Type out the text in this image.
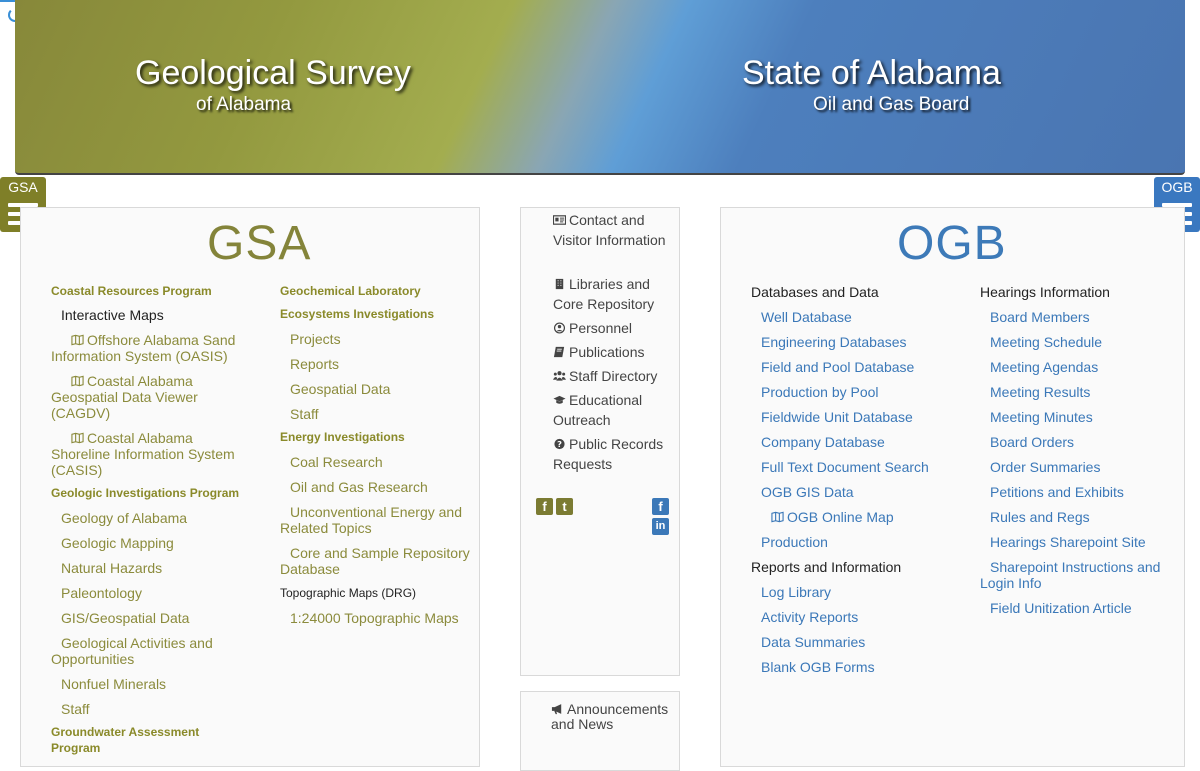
Geological Survey
of Alabama
State of Alabama
Oil and Gas Board
GSA	OGB
GSA
Coastal Resources Program
Interactive Maps
Offshore Alabama Sand Information System (OASIS)
Coastal Alabama Geospatial Data Viewer (CAGDV)
Coastal Alabama Shoreline Information System (CASIS)
Geologic Investigations Program
Geology of Alabama
Geologic Mapping
Natural Hazards
Paleontology
GIS/Geospatial Data
Geological Activities and Opportunities
Nonfuel Minerals
Staff
Groundwater Assessment Program
Geochemical Laboratory
Ecosystems Investigations
Projects
Reports
Geospatial Data
Staff
Energy Investigations
Coal Research
Oil and Gas Research
Unconventional Energy and Related Topics
Core and Sample Repository Database
Topographic Maps (DRG)
1:24000 Topographic Maps
Contact and Visitor Information
Libraries and Core Repository
Personnel
Publications
Staff Directory
Educational Outreach
? Public Records Requests
f	t	f
in
Announcements and News
OGB
Databases and Data
Well Database
Engineering Databases
Field and Pool Database
Production by Pool
Fieldwide Unit Database
Company Database
Full Text Document Search
OGB GIS Data
OGB Online Map
Production
Reports and Information
Log Library
Activity Reports
Data Summaries
Blank OGB Forms
Hearings Information
Board Members
Meeting Schedule
Meeting Agendas
Meeting Results
Meeting Minutes
Board Orders
Order Summaries
Petitions and Exhibits
Rules and Regs
Hearings Sharepoint Site
Sharepoint Instructions and Login Info
Field Unitization Article
